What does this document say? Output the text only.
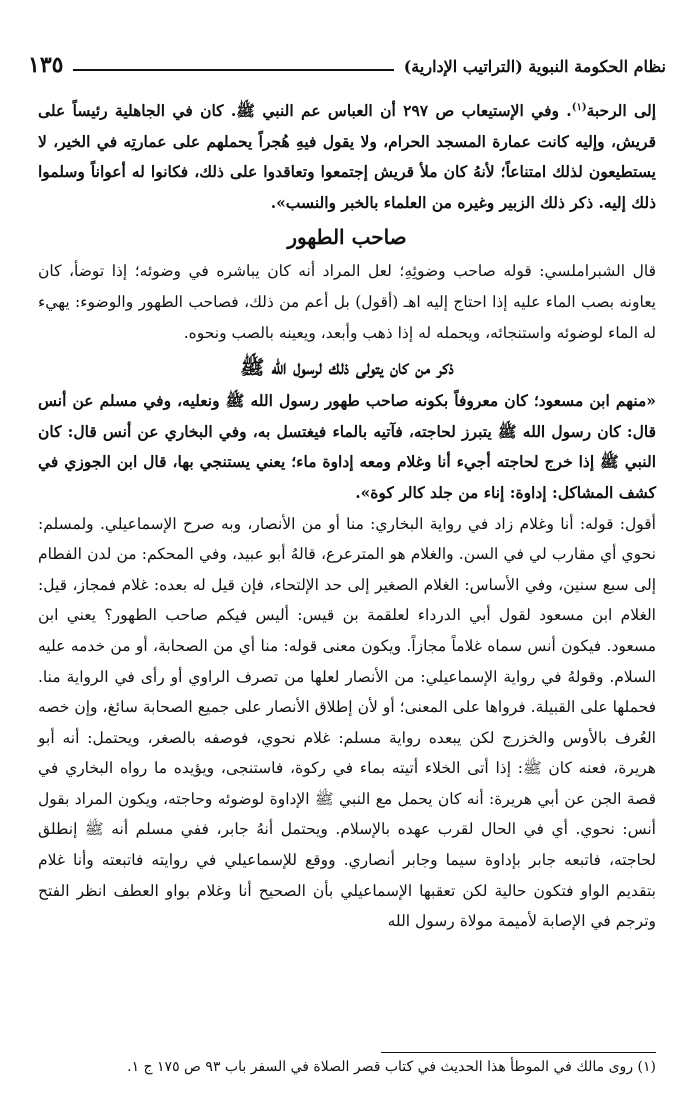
نظام الحكومة النبوية (التراتيب الإدارية)
١٣٥

إلى الرحبة$^{(١)}$. وفي الإستيعاب ص ٢٩٧ أن العباس عم النبي ﷺ. كان في الجاهلية رئيساً على قريش، وإليه كانت عمارة المسجد الحرام، ولا يقول فيهِ هُجراً يحملهم على عمارتِه في الخير، لا يستطيعون لذلك امتناعاً؛ لأنهُ كان ملأ قريش إجتمعوا وتعاقدوا على ذلك، فكانوا له أعواناً وسلموا ذلك إليه. ذكر ذلك الزبير وغيره من العلماء بالخبر والنسب».

صاحب الطهور

قال الشبراملسي: قوله صاحب وضوئِهِ؛ لعل المراد أنه كان يباشره في وضوئه؛ إذا توضأ، كان يعاونه بصب الماء عليه إذا احتاج إليه اهـ (أقول) بل أعم من ذلك، فصاحب الطهور والوضوء: يهيء له الماء لوضوئه واستنجائه، ويحمله له إذا ذهب وأبعد، ويعينه بالصب ونحوه.

ذكر من كان يتولى ذلك لرسول الله ﷺ

«منهم ابن مسعود؛ كان معروفاً بكونه صاحب طهور رسول الله ﷺ ونعليه، وفي مسلم عن أنس قال: كان رسول الله ﷺ يتبرز لحاجته، فآتيه بالماء فيغتسل به، وفي البخاري عن أنس قال: كان النبي ﷺ إذا خرج لحاجته أجيء أنا وغلام ومعه إداوة ماء؛ يعني يستنجي بها، قال ابن الجوزي في كشف المشاكل: إداوة: إناء من جلد كالر كوة».

أقول: قوله: أنا وغلام زاد في رواية البخاري: منا أو من الأنصار، وبه صرح الإسماعيلي. ولمسلم: نحوي أي مقارب لي في السن. والغلام هو المترعرع، قالهُ أبو عبيد، وفي المحكم: من لدن الفطام إلى سبع سنين، وفي الأساس: الغلام الصغير إلى حد الإلتحاء، فإن قيل له بعده: غلام فمجاز، قيل: الغلام ابن مسعود لقول أبي الدرداء لعلقمة بن قيس: أليس فيكم صاحب الطهور؟ يعني ابن مسعود. فيكون أنس سماه غلاماً مجازاً. ويكون معنى قوله: منا أي من الصحابة، أو من خدمه عليه السلام. وقولهُ في رواية الإسماعيلي: من الأنصار لعلها من تصرف الراوي أو رأى في الرواية منا. فحملها على القبيلة. فرواها على المعنى؛ أو لأن إطلاق الأنصار على جميع الصحابة سائغ، وإن خصه العُرف بالأوس والخزرج لكن يبعده رواية مسلم: غلام نحوي، فوصفه بالصغر، ويحتمل: أنه أبو هريرة، فعنه كان ﷺ: إذا أتى الخلاء أتيته بماء في ركوة، فاستنجى، ويؤيده ما رواه البخاري في قصة الجن عن أبي هريرة: أنه كان يحمل مع النبي ﷺ الإداوة لوضوئه وحاجته، ويكون المراد بقول أنس: نحوي. أي في الحال لقرب عهده بالإسلام. ويحتمل أنهُ جابر، ففي مسلم أنه ﷺ إنطلق لحاجته، فاتبعه جابر بإداوة سيما وجابر أنصاري. ووقع للإسماعيلي في روايته فاتبعته وأنا غلام بتقديم الواو فتكون حالية لكن تعقبها الإسماعيلي بأن الصحيح أنا وغلام بواو العطف انظر الفتح وترجم في الإصابة لأميمة مولاة رسول الله

(١) روى مالك في الموطأ هذا الحديث في كتاب قصر الصلاة في السفر باب ٩٣ ص ١٧٥ ج ١.
